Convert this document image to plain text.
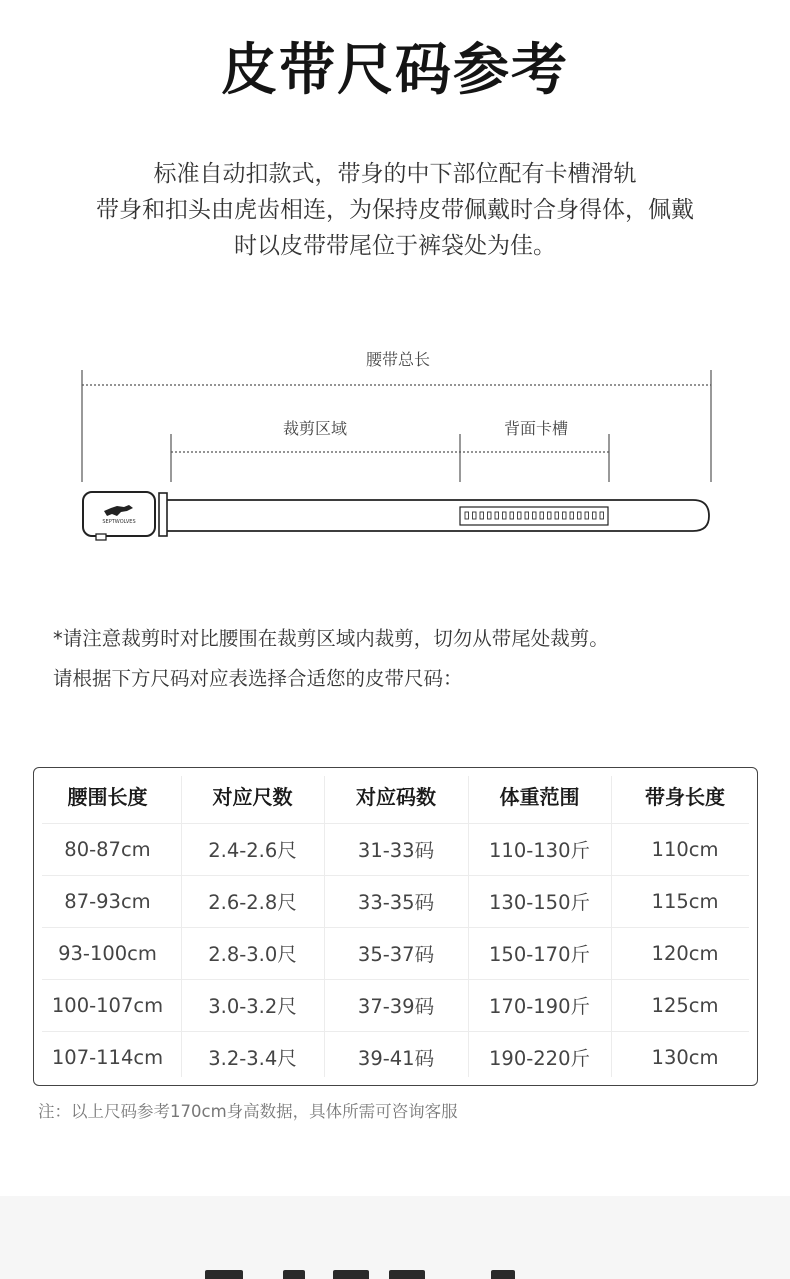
皮带尺码参考
标准自动扣款式，带身的中下部位配有卡槽滑轨
带身和扣头由虎齿相连，为保持皮带佩戴时合身得体，佩戴
时以皮带带尾位于裤袋处为佳。
腰带总长
裁剪区域	背面卡槽
SEPTWOLVES
*请注意裁剪时对比腰围在裁剪区域内裁剪，切勿从带尾处裁剪。
请根据下方尺码对应表选择合适您的皮带尺码：
腰围长度	对应尺数	对应码数	体重范围	带身长度
80-87cm	2.4-2.6尺	31-33码	110-130斤	110cm
87-93cm	2.6-2.8尺	33-35码	130-150斤	115cm
93-100cm	2.8-3.0尺	35-37码	150-170斤	120cm
100-107cm	3.0-3.2尺	37-39码	170-190斤	125cm
107-114cm	3.2-3.4尺	39-41码	190-220斤	130cm
注：以上尺码参考170cm身高数据，具体所需可咨询客服
